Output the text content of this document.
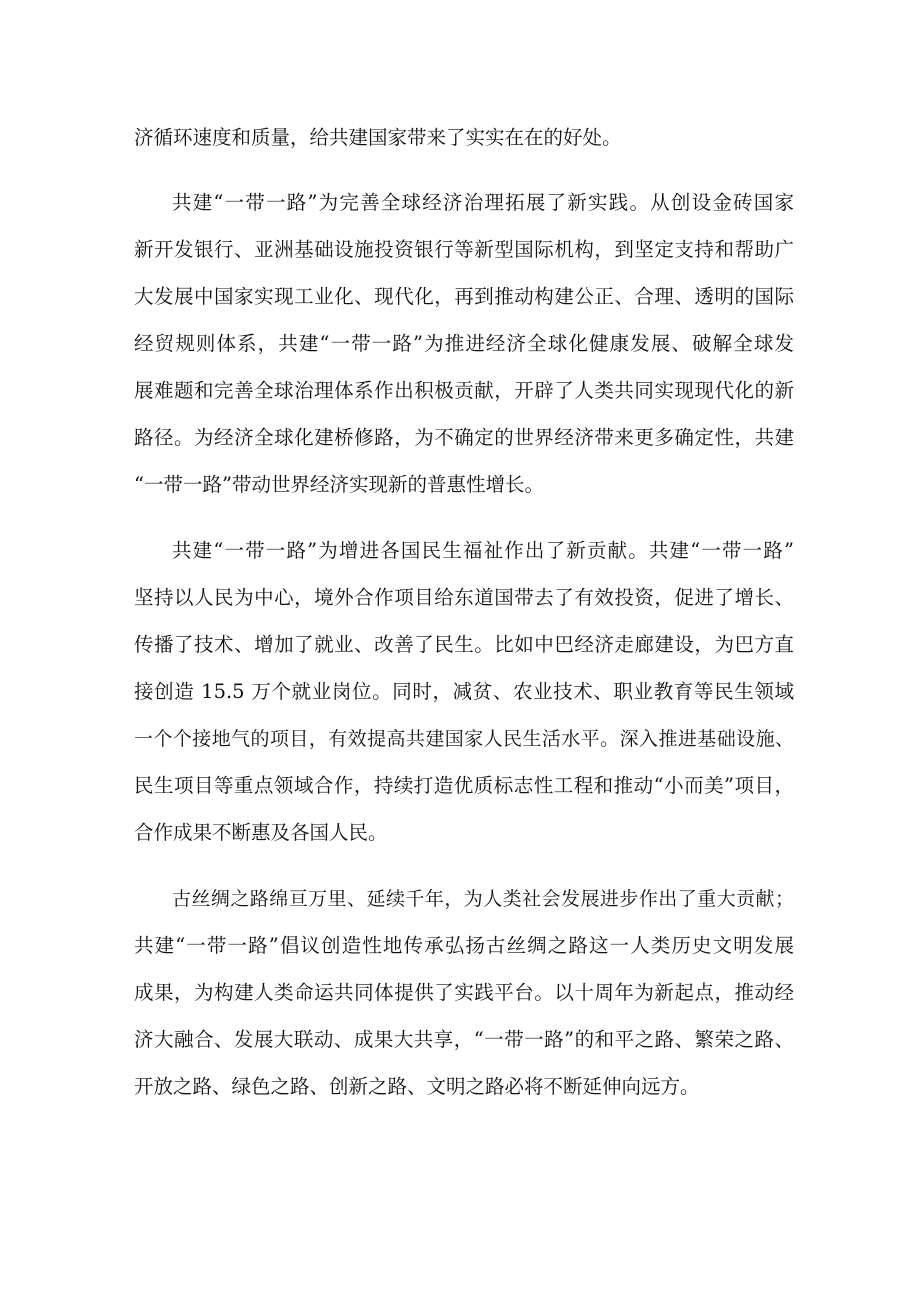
济循环速度和质量，给共建国家带来了实实在在的好处。

共建“一带一路”为完善全球经济治理拓展了新实践。从创设金砖国家

新开发银行、亚洲基础设施投资银行等新型国际机构，到坚定支持和帮助广

大发展中国家实现工业化、现代化，再到推动构建公正、合理、透明的国际

经贸规则体系，共建“一带一路”为推进经济全球化健康发展、破解全球发

展难题和完善全球治理体系作出积极贡献，开辟了人类共同实现现代化的新

路径。为经济全球化建桥修路，为不确定的世界经济带来更多确定性，共建

“一带一路”带动世界经济实现新的普惠性增长。

共建“一带一路”为增进各国民生福祉作出了新贡献。共建“一带一路”

坚持以人民为中心，境外合作项目给东道国带去了有效投资，促进了增长、

传播了技术、增加了就业、改善了民生。比如中巴经济走廊建设，为巴方直

接创造 15.5 万个就业岗位。同时，减贫、农业技术、职业教育等民生领域

一个个接地气的项目，有效提高共建国家人民生活水平。深入推进基础设施、

民生项目等重点领域合作，持续打造优质标志性工程和推动“小而美”项目，

合作成果不断惠及各国人民。

古丝绸之路绵亘万里、延续千年，为人类社会发展进步作出了重大贡献；

共建“一带一路”倡议创造性地传承弘扬古丝绸之路这一人类历史文明发展

成果，为构建人类命运共同体提供了实践平台。以十周年为新起点，推动经

济大融合、发展大联动、成果大共享，“一带一路”的和平之路、繁荣之路、

开放之路、绿色之路、创新之路、文明之路必将不断延伸向远方。
